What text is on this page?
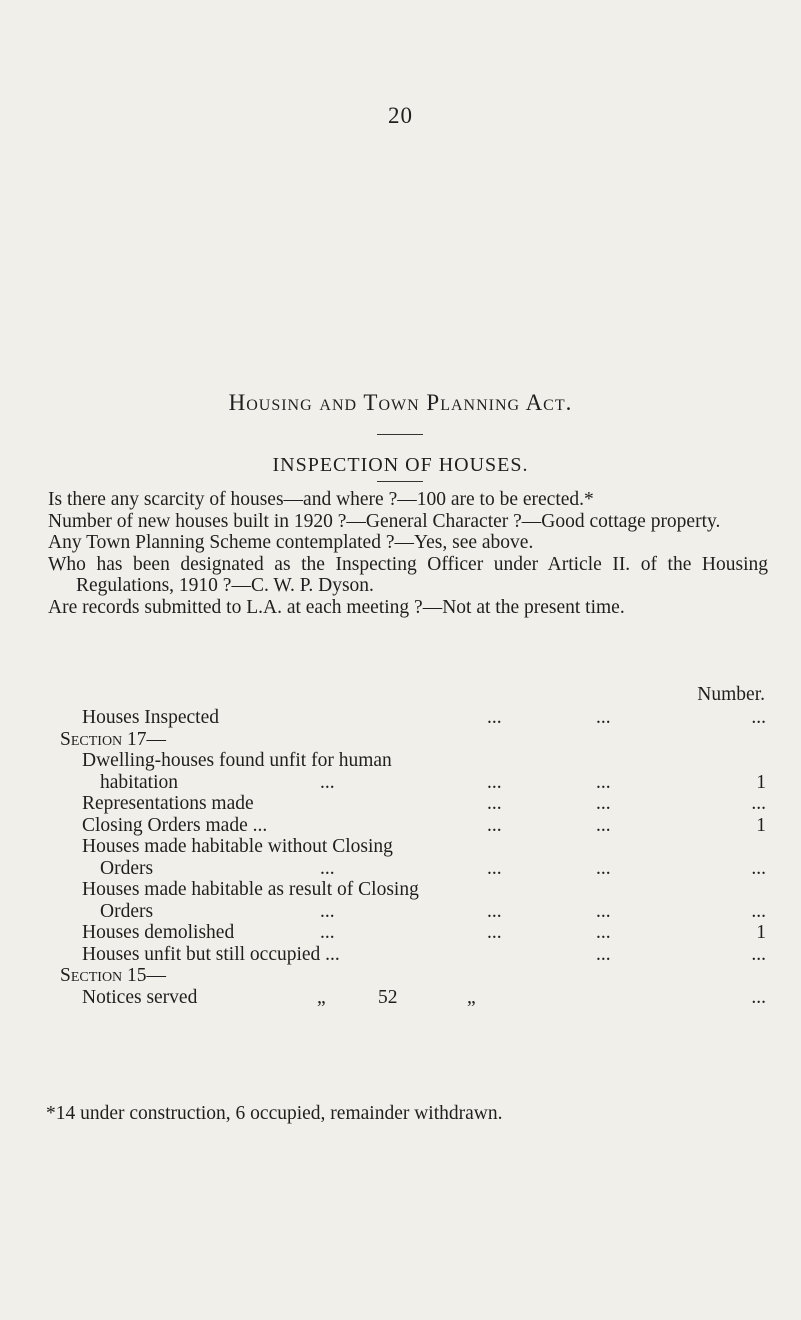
20
Housing and Town Planning Act.
INSPECTION OF HOUSES.

Is there any scarcity of houses—and where ?—100 are to be erected.*

Number of new houses built in 1920 ?—General Character ?—Good cottage property.

Any Town Planning Scheme contemplated ?—Yes, see above.

Who has been designated as the Inspecting Officer under Article II. of the Housing Regulations, 1910 ?—C. W. P. Dyson.

Are records submitted to L.A. at each meeting ?—Not at the present time.

Number.
Houses Inspected	...	...	...
Section 17—
Dwelling-houses found unfit for human
habitation	...	...	...	1
Representations made	...	...	...
Closing Orders made ...	...	...	1
Houses made habitable without Closing
Orders	...	...	...	...
Houses made habitable as result of Closing
Orders	...	...	...	...
Houses demolished	...	...	...	1
Houses unfit but still occupied ...	...	...
Section 15—
Notices served	„	52	„	...
*14 under construction, 6 occupied, remainder withdrawn.
